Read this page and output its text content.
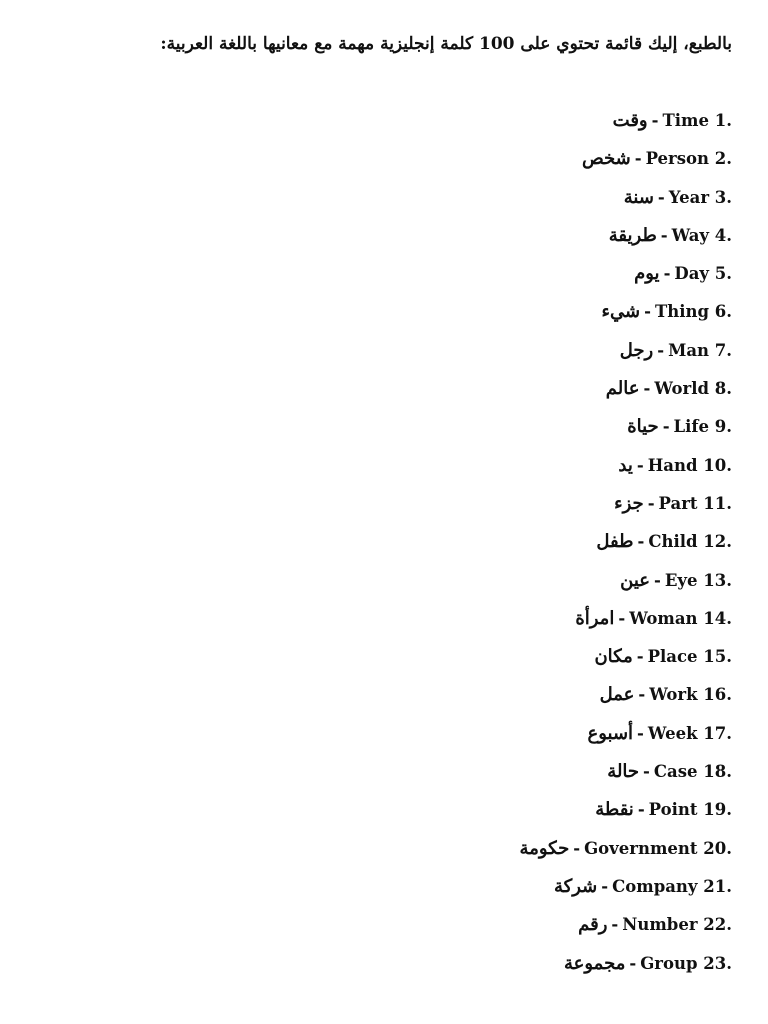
بالطبع، إليك قائمة تحتوي على 100 كلمة إنجليزية مهمة مع معانيها باللغة العربية:

وقت - Time 1.
شخص - Person 2.
سنة - Year 3.
طريقة - Way 4.
يوم - Day 5.
شيء - Thing 6.
رجل - Man 7.
عالم - World 8.
حياة - Life 9.
يد - Hand 10.
جزء - Part 11.
طفل - Child 12.
عين - Eye 13.
امرأة - Woman 14.
مكان - Place 15.
عمل - Work 16.
أسبوع - Week 17.
حالة - Case 18.
نقطة - Point 19.
حكومة - Government 20.
شركة - Company 21.
رقم - Number 22.
مجموعة - Group 23.
